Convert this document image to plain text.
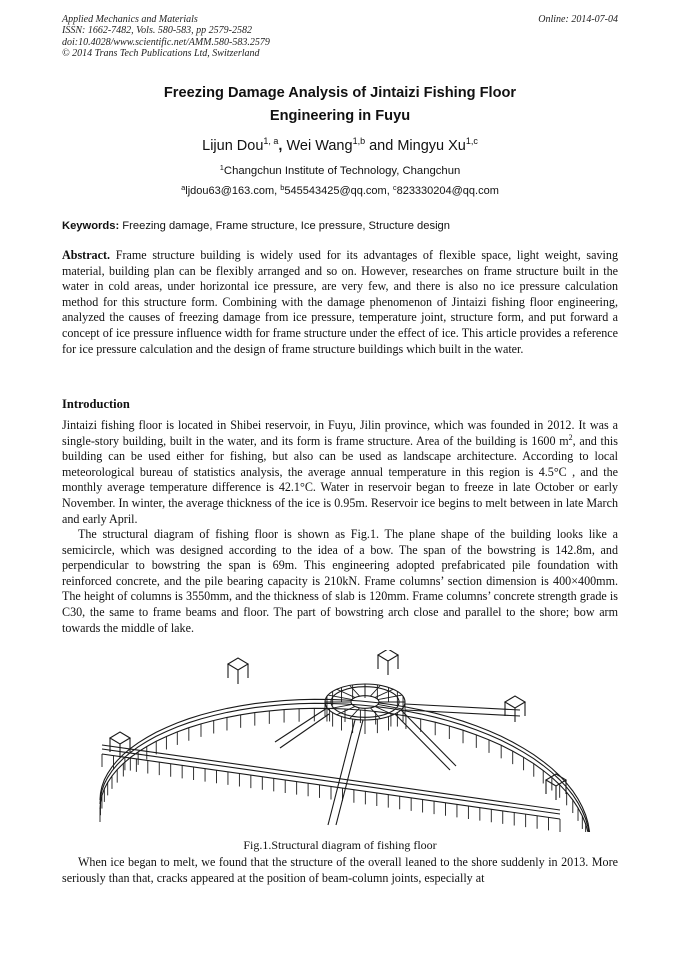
Applied Mechanics and Materials
ISSN: 1662-7482, Vols. 580-583, pp 2579-2582
doi:10.4028/www.scientific.net/AMM.580-583.2579
© 2014 Trans Tech Publications Ltd, Switzerland
Online: 2014-07-04
Freezing Damage Analysis of Jintaizi Fishing Floor
Engineering in Fuyu
Lijun Dou$^{1, a}$, Wei Wang$^{1,b}$ and Mingyu Xu$^{1,c}$
$^1$Changchun Institute of Technology, Changchun
$^a$ljdou63@163.com, $^b$545543425@qq.com, $^c$823330204@qq.com
Keywords: Freezing damage, Frame structure, Ice pressure, Structure design
Abstract. Frame structure building is widely used for its advantages of flexible space, light weight, saving material, building plan can be flexibly arranged and so on. However, researches on frame structure built in the water in cold areas, under horizontal ice pressure, are very few, and there is also no ice pressure calculation method for this structure form. Combining with the damage phenomenon of Jintaizi fishing floor engineering, analyzed the causes of freezing damage from ice pressure, temperature joint, structure form, and put forward a concept of ice pressure influence width for frame structure under the effect of ice. This article provides a reference for ice pressure calculation and the design of frame structure buildings which built in the water.
Introduction
Jintaizi fishing floor is located in Shibei reservoir, in Fuyu, Jilin province, which was founded in 2012. It was a single-story building, built in the water, and its form is frame structure. Area of the building is 1600 $m^2$, and this building can be used either for fishing, but also can be used as landscape architecture. According to local meteorological bureau of statistics analysis, the average annual temperature in this region is 4.5°C , and the monthly average temperature difference is 42.1°C. Water in reservoir began to freeze in late October or early November. In winter, the average thickness of the ice is 0.95m. Reservoir ice begins to melt between in late March and early April.
The structural diagram of fishing floor is shown as Fig.1. The plane shape of the building looks like a semicircle, which was designed according to the idea of a bow. The span of the bowstring is 142.8m, and perpendicular to bowstring the span is 69m. This engineering adopted prefabricated pile foundation with reinforced concrete, and the pile bearing capacity is 210kN. Frame columns’ section dimension is 400×400mm. The height of columns is 3550mm, and the thickness of slab is 120mm. Frame columns’ concrete strength grade is C30, the same to frame beams and floor. The part of bowstring arch close and parallel to the shore; bow arm towards the middle of lake.
Fig.1.Structural diagram of fishing floor
When ice began to melt, we found that the structure of the overall leaned to the shore suddenly in 2013. More seriously than that, cracks appeared at the position of beam-column joints, especially at
